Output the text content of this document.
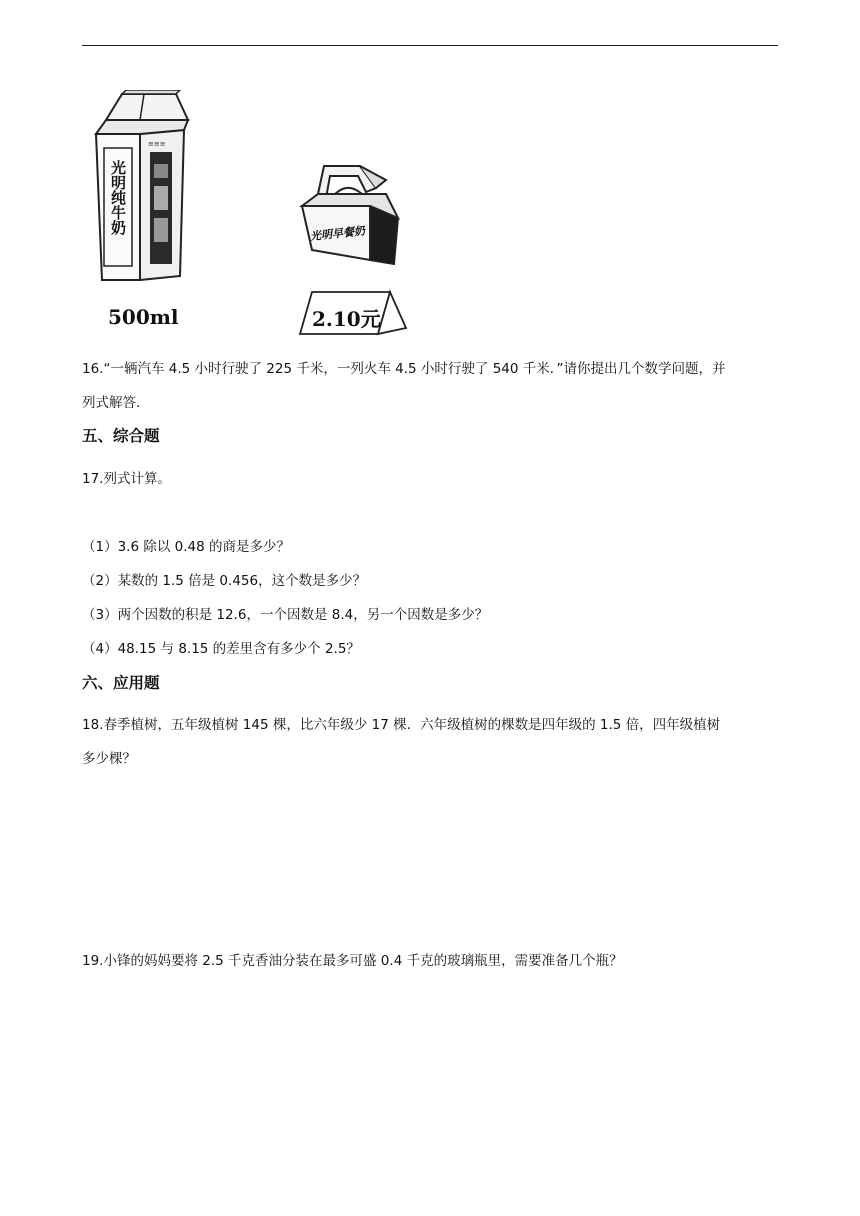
≡≡≡
光明纯牛奶
500ml
光明早餐奶
2.10元
16.“一辆汽车 4.5 小时行驶了 225 千米，一列火车 4.5 小时行驶了 540 千米．”请你提出几个数学问题，并
列式解答.
五、综合题
17.列式计算。
（1）3.6 除以 0.48 的商是多少？
（2）某数的 1.5 倍是 0.456，这个数是多少？
（3）两个因数的积是 12.6，一个因数是 8.4，另一个因数是多少？
（4）48.15 与 8.15 的差里含有多少个 2.5？
六、应用题
18.春季植树，五年级植树 145 棵，比六年级少 17 棵．六年级植树的棵数是四年级的 1.5 倍，四年级植树
多少棵？
19.小锋的妈妈要将 2.5 千克香油分装在最多可盛 0.4 千克的玻璃瓶里，需要准备几个瓶？
